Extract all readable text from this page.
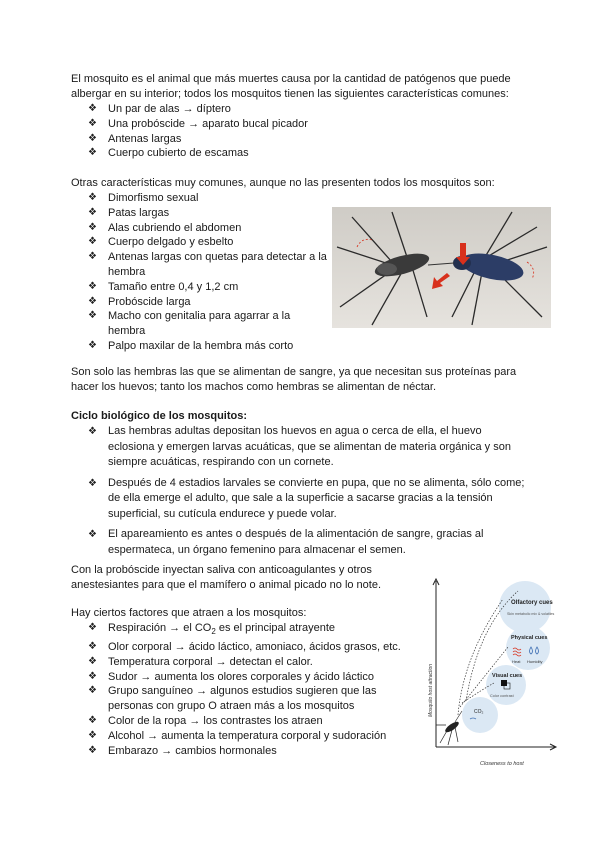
El mosquito es el animal que más muertes causa por la cantidad de patógenos que puede albergar en su interior; todos los mosquitos tienen las siguientes características comunes:

❖ Un par de alas → díptero
❖ Una probóscide → aparato bucal picador
❖ Antenas largas
❖ Cuerpo cubierto de escamas

Otras características muy comunes, aunque no las presenten todos los mosquitos son:

❖ Dimorfismo sexual
❖ Patas largas
❖ Alas cubriendo el abdomen
❖ Cuerpo delgado y esbelto
❖ Antenas largas con quetas para detectar a la hembra
❖ Tamaño entre 0,4 y 1,2 cm
❖ Probóscide larga
❖ Macho con genitalia para agarrar a la hembra
❖ Palpo maxilar de la hembra más corto

Son solo las hembras las que se alimentan de sangre, ya que necesitan sus proteínas para hacer los huevos; tanto los machos como hembras se alimentan de néctar.

Ciclo biológico de los mosquitos:
❖ Las hembras adultas depositan los huevos en agua o cerca de ella, el huevo eclosiona y emergen larvas acuáticas, que se alimentan de materia orgánica y son siempre acuáticas, respirando con un cornete.
❖ Después de 4 estadios larvales se convierte en pupa, que no se alimenta, sólo come; de ella emerge el adulto, que sale a la superficie a sacarse gracias a la tensión superficial, su cutícula endurece y puede volar.
❖ El apareamiento es antes o después de la alimentación de sangre, gracias al espermateca, un órgano femenino para almacenar el semen.

Con la probóscide inyectan saliva con anticoagulantes y otros anestesiantes para que el mamífero o animal picado no lo note.

Hay ciertos factores que atraen a los mosquitos:

❖ Respiración → el $CO_2$ es el principal atrayente
❖ Olor corporal → ácido láctico, amoniaco, ácidos grasos, etc.
❖ Temperatura corporal → detectan el calor.
❖ Sudor → aumenta los olores corporales y ácido láctico
❖ Grupo sanguíneo → algunos estudios sugieren que las personas con grupo O atraen más a los mosquitos
❖ Color de la ropa → los contrastes los atraen
❖ Alcohol → aumenta la temperatura corporal y sudoración
❖ Embarazo → cambios hormonales
Mosquito host attraction
Closeness to host
Olfactory cues
Skin metabolic mix & volatiles
Physical cues
Heat Humidity
Visual cues
Color contrast
CO₂
